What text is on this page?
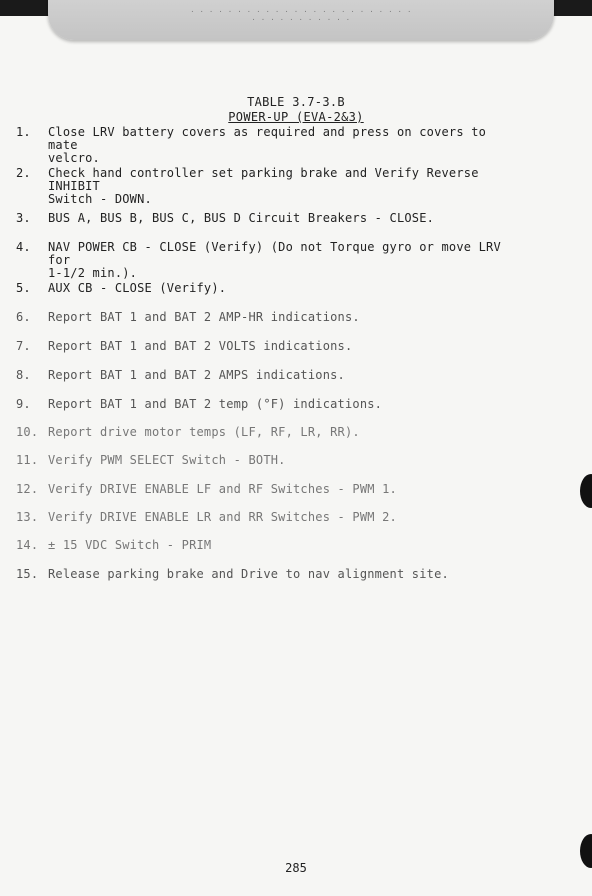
TABLE 3.7-3.B
POWER-UP (EVA-2&3)
1.	Close LRV battery covers as required and press on covers to mate
velcro.
2.	Check hand controller set parking brake and Verify Reverse INHIBIT
Switch - DOWN.
3.	BUS A, BUS B, BUS C, BUS D Circuit Breakers - CLOSE.
4.	NAV POWER CB - CLOSE (Verify) (Do not Torque gyro or move LRV for
1-1/2 min.).
5.	AUX CB - CLOSE (Verify).
6.	Report BAT 1 and BAT 2 AMP-HR indications.
7.	Report BAT 1 and BAT 2 VOLTS indications.
8.	Report BAT 1 and BAT 2 AMPS indications.
9.	Report BAT 1 and BAT 2 temp (°F) indications.
10. Report drive motor temps (LF, RF, LR, RR).
11. Verify PWM SELECT Switch - BOTH.
12. Verify DRIVE ENABLE LF and RF Switches - PWM 1.
13. Verify DRIVE ENABLE LR and RR Switches - PWM 2.
14. ± 15 VDC Switch - PRIM
15. Release parking brake and Drive to nav alignment site.
285
· · · · · · · · · · · · · · · · · · · · · · · ·
· · · · · · · · · · ·
